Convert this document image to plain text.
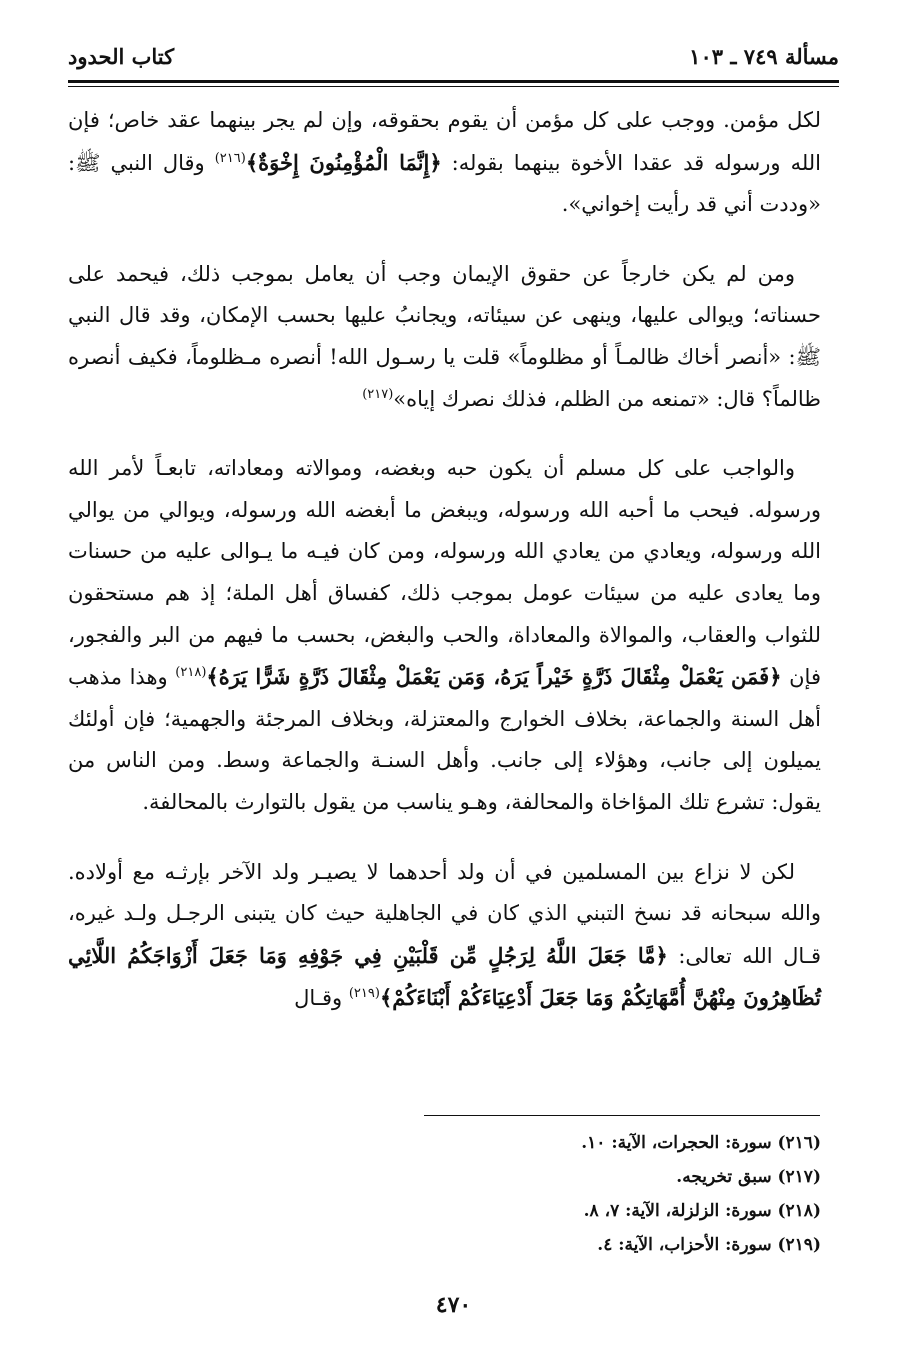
مسألة ٧٤٩ ـ ١٠٣
كتاب الحدود

لكل مؤمن. ووجب على كل مؤمن أن يقوم بحقوقه، وإن لم يجر بينهما عقد خاص؛ فإن الله ورسوله قد عقدا الأخوة بينهما بقوله: ﴿إِنَّمَا الْمُؤْمِنُونَ إِخْوَةٌ﴾$^{(٢١٦)}$ وقال النبي ﷺ: «وددت أني قد رأيت إخواني».

ومن لم يكن خارجاً عن حقوق الإيمان وجب أن يعامل بموجب ذلك، فيحمد على حسناته؛ ويوالى عليها، وينهى عن سيئاته، ويجانبُ عليها بحسب الإمكان، وقد قال النبي ﷺ: «أنصر أخاك ظالمـاً أو مظلوماً» قلت يا رسـول الله! أنصره مـظلوماً، فكيف أنصره ظالماً؟ قال: «تمنعه من الظلم، فذلك نصرك إياه»$^{(٢١٧)}$

والواجب على كل مسلم أن يكون حبه وبغضه، وموالاته ومعاداته، تابعـاً لأمر الله ورسوله. فيحب ما أحبه الله ورسوله، ويبغض ما أبغضه الله ورسوله، ويوالي من يوالي الله ورسوله، ويعادي من يعادي الله ورسوله، ومن كان فيـه ما يـوالى عليه من حسنات وما يعادى عليه من سيئات عومل بموجب ذلك، كفساق أهل الملة؛ إذ هم مستحقون للثواب والعقاب، والموالاة والمعاداة، والحب والبغض، بحسب ما فيهم من البر والفجور، فإن ﴿فَمَن يَعْمَلْ مِثْقَالَ ذَرَّةٍ خَيْراً يَرَهُ، وَمَن يَعْمَلْ مِثْقَالَ ذَرَّةٍ شَرًّا يَرَهُ﴾$^{(٢١٨)}$ وهذا مذهب أهل السنة والجماعة، بخلاف الخوارج والمعتزلة، وبخلاف المرجئة والجهمية؛ فإن أولئك يميلون إلى جانب، وهؤلاء إلى جانب. وأهل السنـة والجماعة وسط. ومن الناس من يقول: تشرع تلك المؤاخاة والمحالفة، وهـو يناسب من يقول بالتوارث بالمحالفة.

لكن لا نزاع بين المسلمين في أن ولد أحدهما لا يصيـر ولد الآخر بإرثـه مع أولاده. والله سبحانه قد نسخ التبني الذي كان في الجاهلية حيث كان يتبنى الرجـل ولـد غيره، قـال الله تعالى: ﴿مَّا جَعَلَ اللَّهُ لِرَجُلٍ مِّن قَلْبَيْنِ فِي جَوْفِهِ وَمَا جَعَلَ أَزْوَاجَكُمُ اللَّائِي تُظَاهِرُونَ مِنْهُنَّ أُمَّهَاتِكُمْ وَمَا جَعَلَ أَدْعِيَاءَكُمْ أَبْنَاءَكُمْ﴾$^{(٢١٩)}$ وقـال

(٢١٦) سورة: الحجرات، الآية: ١٠.
(٢١٧) سبق تخريجه.
(٢١٨) سورة: الزلزلة، الآية: ٧، ٨.
(٢١٩) سورة: الأحزاب، الآية: ٤.
٤٧٠
